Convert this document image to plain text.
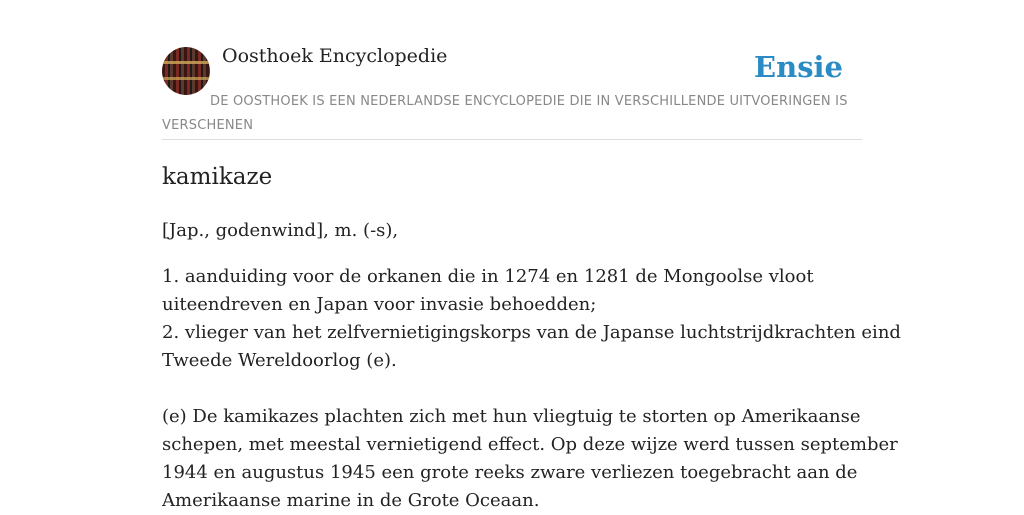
Oosthoek Encyclopedie	Ensie
DE OOSTHOEK IS EEN NEDERLANDSE ENCYCLOPEDIE DIE IN VERSCHILLENDE UITVOERINGEN IS VERSCHENEN
kamikaze
[Jap., godenwind], m. (-s),
1. aanduiding voor de orkanen die in 1274 en 1281 de Mongoolse vloot
uiteendreven en Japan voor invasie behoedden;
2. vlieger van het zelfvernietigingskorps van de Japanse luchtstrijdkrachten eind
Tweede Wereldoorlog (e).
(e) De kamikazes plachten zich met hun vliegtuig te storten op Amerikaanse
schepen, met meestal vernietigend effect. Op deze wijze werd tussen september
1944 en augustus 1945 een grote reeks zware verliezen toegebracht aan de
Amerikaanse marine in de Grote Oceaan.
